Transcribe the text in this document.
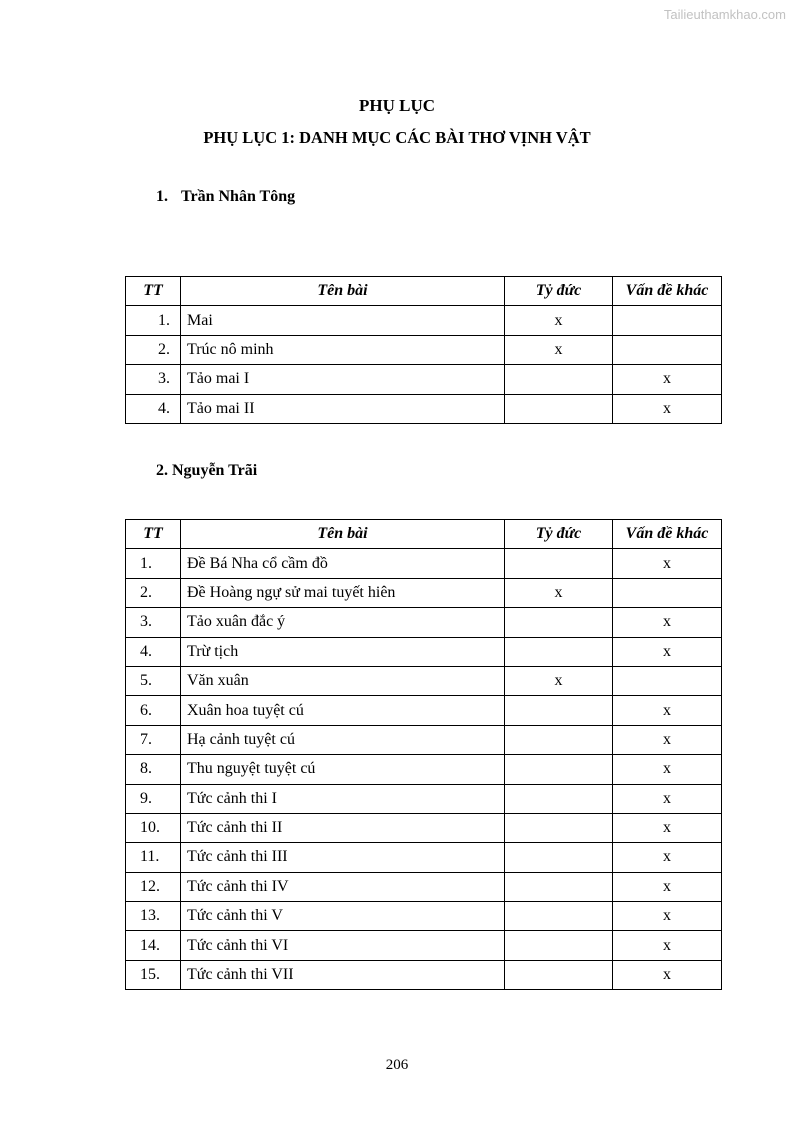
Tailieuthamkhao.com
PHỤ LỤC
PHỤ LỤC 1: DANH MỤC CÁC BÀI THƠ VỊNH VẬT
1. Trần Nhân Tông
TT	Tên bài	Tỷ đức	Vấn đề khác
1.	Mai	x	
2.	Trúc nô minh	x	
3.	Tảo mai I		x
4.	Tảo mai II		x
2. Nguyễn Trãi
TT	Tên bài	Tỷ đức	Vấn đề khác
1.	Đề Bá Nha cổ cầm đồ		x
2.	Đề Hoàng ngự sử mai tuyết hiên	x	
3.	Tảo xuân đắc ý		x
4.	Trừ tịch		x
5.	Văn xuân	x	
6.	Xuân hoa tuyệt cú		x
7.	Hạ cảnh tuyệt cú		x
8.	Thu nguyệt tuyệt cú		x
9.	Tức cảnh thi I		x
10.	Tức cảnh thi II		x
11.	Tức cảnh thi III		x
12.	Tức cảnh thi IV		x
13.	Tức cảnh thi V		x
14.	Tức cảnh thi VI		x
15.	Tức cảnh thi VII		x
206
